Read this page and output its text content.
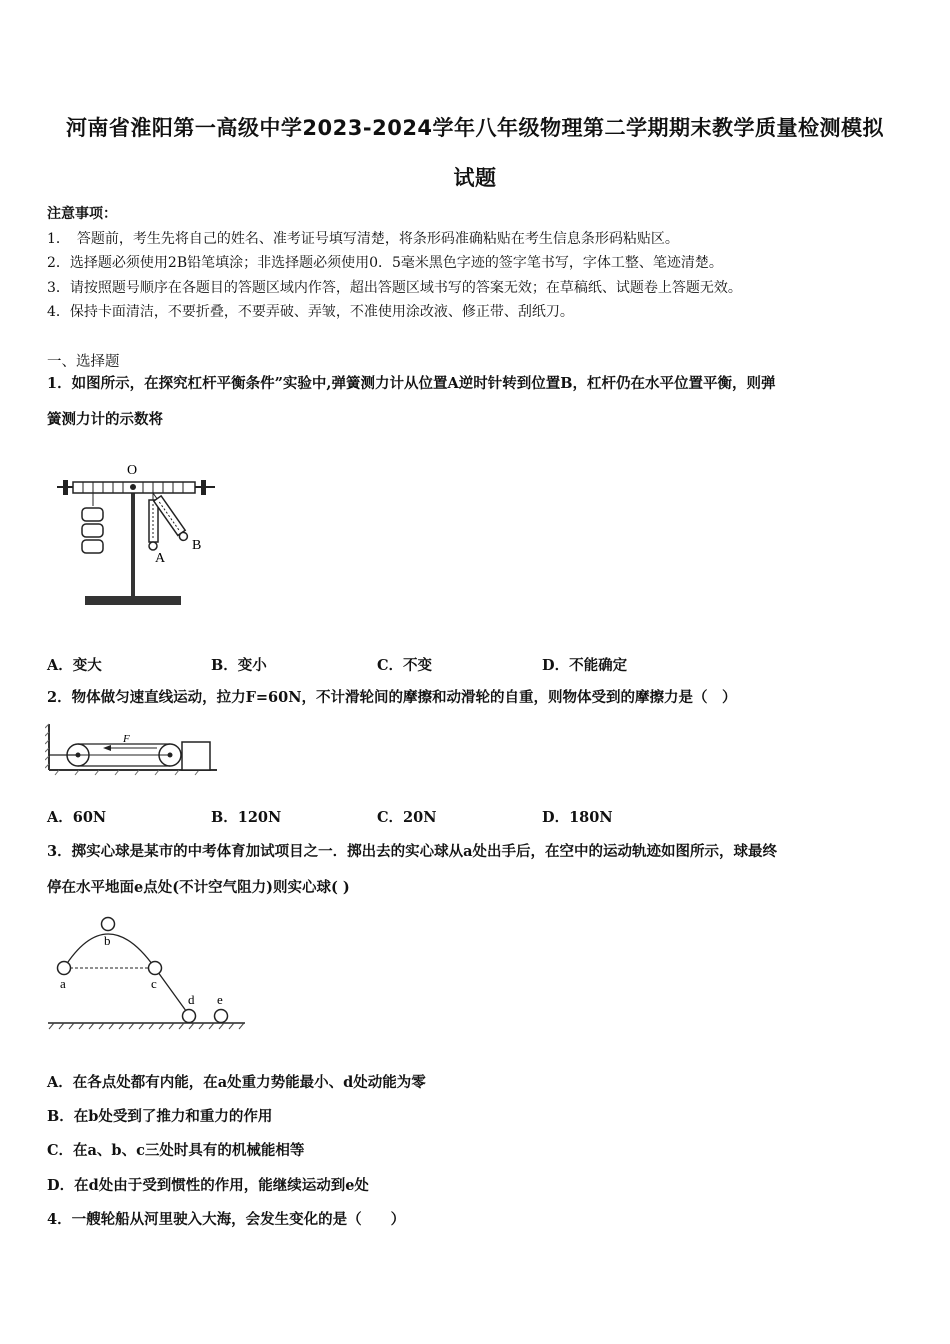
河南省淮阳第一高级中学2023-2024学年八年级物理第二学期期末教学质量检测模拟
试题
注意事项：
1．　答题前，考生先将自己的姓名、准考证号填写清楚，将条形码准确粘贴在考生信息条形码粘贴区。
2．选择题必须使用2B铅笔填涂；非选择题必须使用0．5毫米黑色字迹的签字笔书写，字体工整、笔迹清楚。
3．请按照题号顺序在各题目的答题区域内作答，超出答题区域书写的答案无效；在草稿纸、试题卷上答题无效。
4．保持卡面清洁，不要折叠，不要弄破、弄皱，不准使用涂改液、修正带、刮纸刀。
一、选择题
1．如图所示，在探究杠杆平衡条件”实验中,弹簧测力计从位置A逆时针转到位置B，杠杆仍在水平位置平衡，则弹
簧测力计的示数将
O
A
B
A．变大	B．变小	C．不变	D．不能确定
2．物体做匀速直线运动，拉力F=60N，不计滑轮间的摩擦和动滑轮的自重，则物体受到的摩擦力是（　）
F
A．60N	B．120N	C．20N	D．180N
3．掷实心球是某市的中考体育加试项目之一．掷出去的实心球从a处出手后，在空中的运动轨迹如图所示，球最终
停在水平地面e点处(不计空气阻力)则实心球( )
a
b
c
d e
A．在各点处都有内能，在a处重力势能最小、d处动能为零
B．在b处受到了推力和重力的作用
C．在a、b、c三处时具有的机械能相等
D．在d处由于受到惯性的作用，能继续运动到e处
4．一艘轮船从河里驶入大海，会发生变化的是（　　）
